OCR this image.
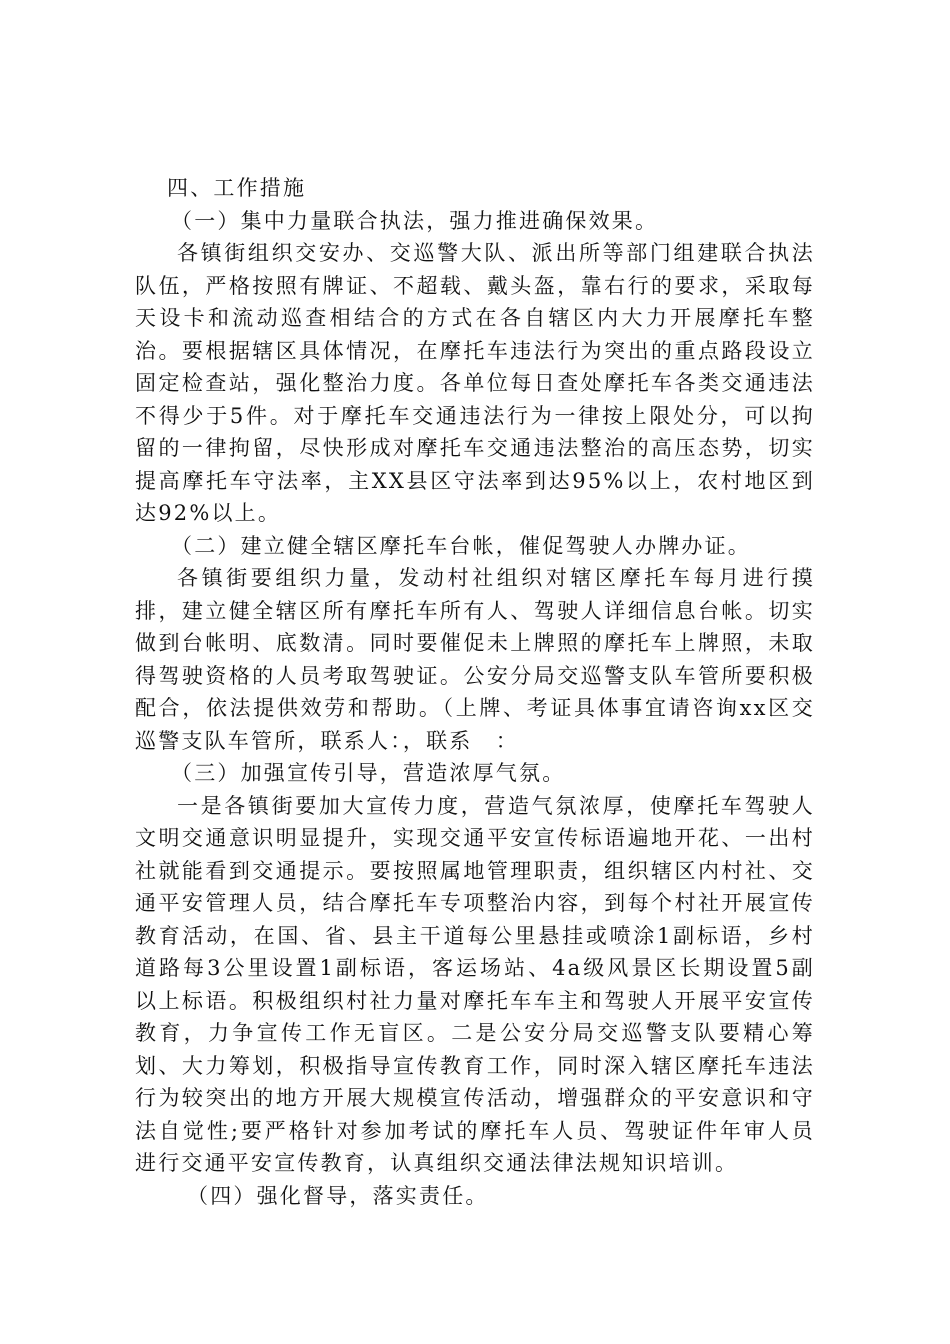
四、工作措施

（一）集中力量联合执法，强力推进确保效果。

各镇街组织交安办、交巡警大队、派出所等部门组建联合执法队伍，严格按照有牌证、不超载、戴头盔，靠右行的要求，采取每天设卡和流动巡查相结合的方式在各自辖区内大力开展摩托车整治。要根据辖区具体情况，在摩托车违法行为突出的重点路段设立固定检查站，强化整治力度。各单位每日查处摩托车各类交通违法不得少于5件。对于摩托车交通违法行为一律按上限处分，可以拘留的一律拘留，尽快形成对摩托车交通违法整治的高压态势，切实提高摩托车守法率，主XX县区守法率到达95%以上，农村地区到达92%以上。

（二）建立健全辖区摩托车台帐，催促驾驶人办牌办证。

各镇街要组织力量，发动村社组织对辖区摩托车每月进行摸排，建立健全辖区所有摩托车所有人、驾驶人详细信息台帐。切实做到台帐明、底数清。同时要催促未上牌照的摩托车上牌照，未取得驾驶资格的人员考取驾驶证。公安分局交巡警支队车管所要积极配合，依法提供效劳和帮助。（上牌、考证具体事宜请咨询xx区交巡警支队车管所，联系人：，联系　：

（三）加强宣传引导，营造浓厚气氛。

一是各镇街要加大宣传力度，营造气氛浓厚，使摩托车驾驶人文明交通意识明显提升，实现交通平安宣传标语遍地开花、一出村社就能看到交通提示。要按照属地管理职责，组织辖区内村社、交通平安管理人员，结合摩托车专项整治内容，到每个村社开展宣传教育活动，在国、省、县主干道每公里悬挂或喷涂1副标语，乡村道路每3公里设置1副标语，客运场站、4a级风景区长期设置5副以上标语。积极组织村社力量对摩托车车主和驾驶人开展平安宣传教育，力争宣传工作无盲区。二是公安分局交巡警支队要精心筹划、大力筹划，积极指导宣传教育工作，同时深入辖区摩托车违法行为较突出的地方开展大规模宣传活动，增强群众的平安意识和守法自觉性;要严格针对参加考试的摩托车人员、驾驶证件年审人员进行交通平安宣传教育，认真组织交通法律法规知识培训。

（四）强化督导，落实责任。
